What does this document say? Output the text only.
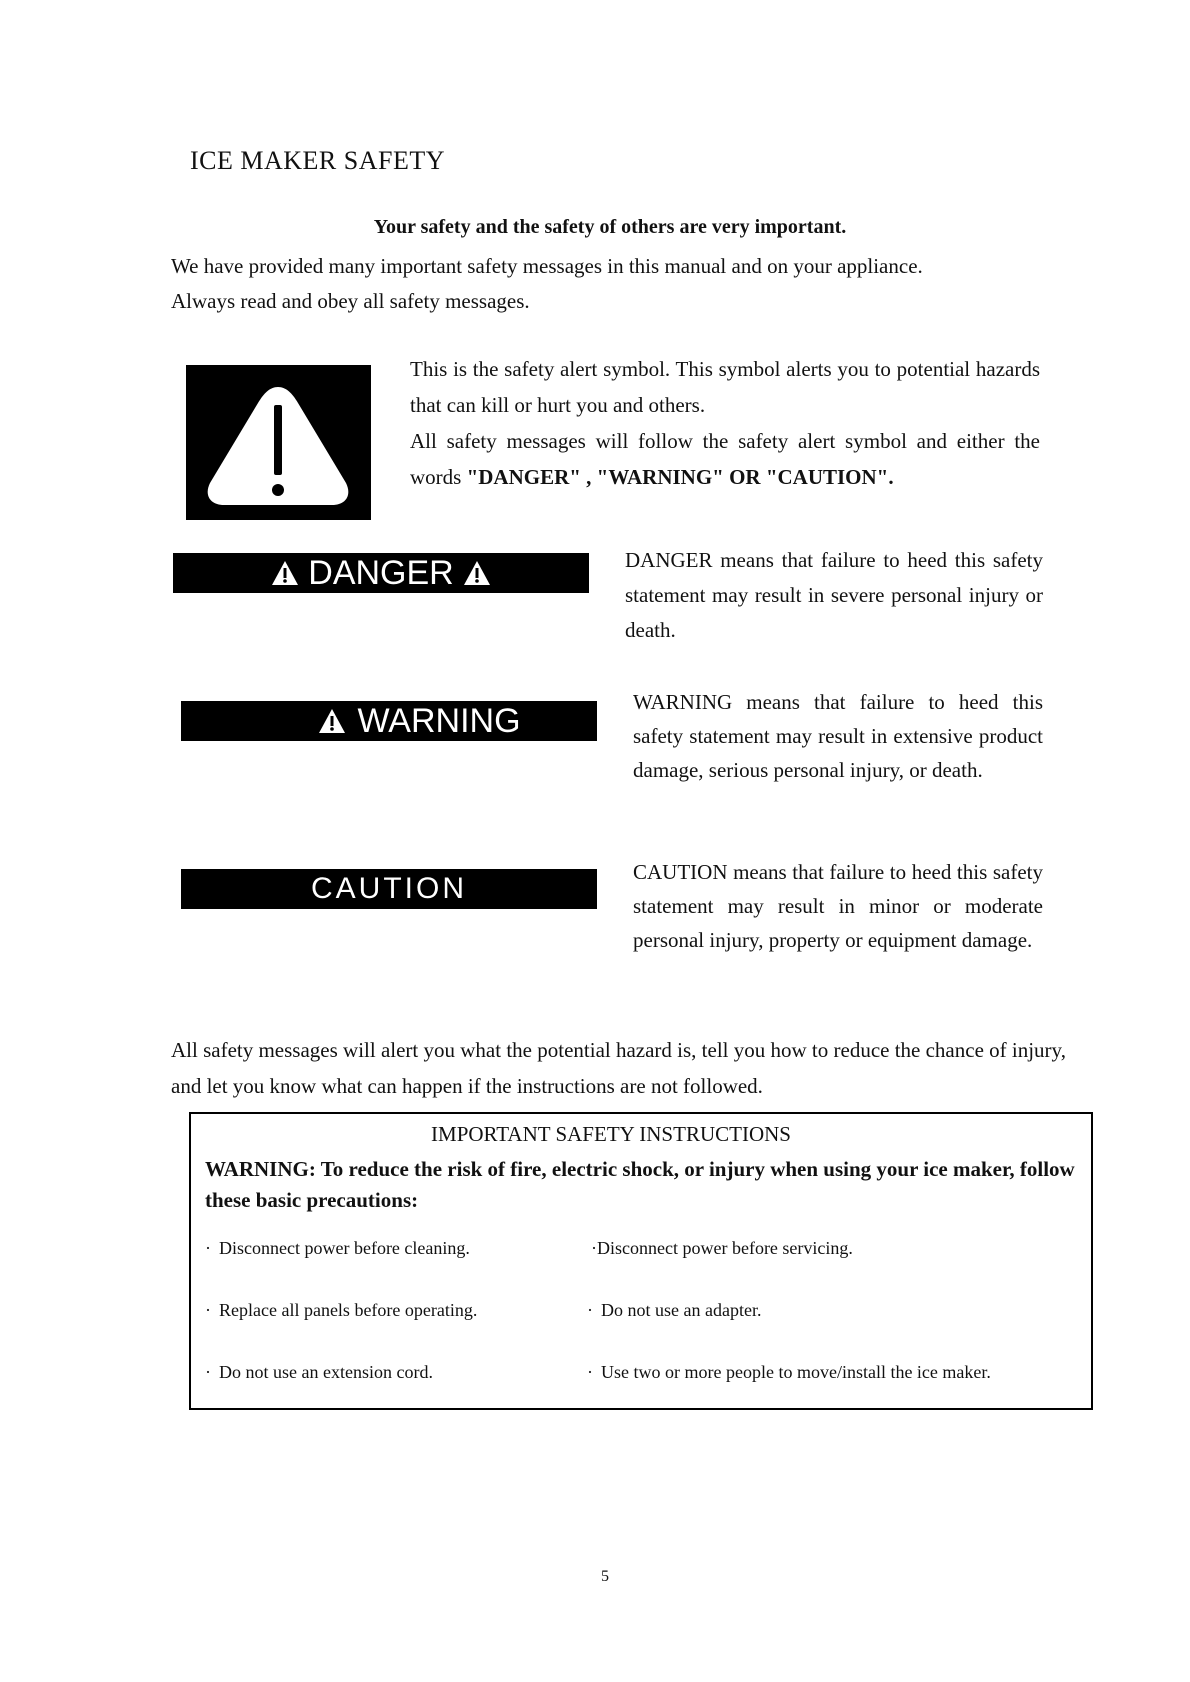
ICE MAKER SAFETY
Your safety and the safety of others are very important.
We have provided many important safety messages in this manual and on your appliance.
Always read and obey all safety messages.
This is the safety alert symbol. This symbol alerts you to potential hazards that can kill or hurt you and others.
All safety messages will follow the safety alert symbol and either the words "DANGER" , "WARNING" OR "CAUTION".
DANGER	DANGER means that failure to heed this safety statement may result in severe personal injury or death.
WARNING	WARNING means that failure to heed this safety statement may result in extensive product damage, serious personal injury, or death.
CAUTION	CAUTION means that failure to heed this safety statement may result in minor or moderate personal injury, property or equipment damage.
All safety messages will alert you what the potential hazard is, tell you how to reduce the chance of injury, and let you know what can happen if the instructions are not followed.
IMPORTANT SAFETY INSTRUCTIONS
WARNING: To reduce the risk of fire, electric shock, or injury when using your ice maker, follow these basic precautions:
· Disconnect power before cleaning.	·Disconnect power before servicing.
· Replace all panels before operating.	· Do not use an adapter.
· Do not use an extension cord.	· Use two or more people to move/install the ice maker.
5
